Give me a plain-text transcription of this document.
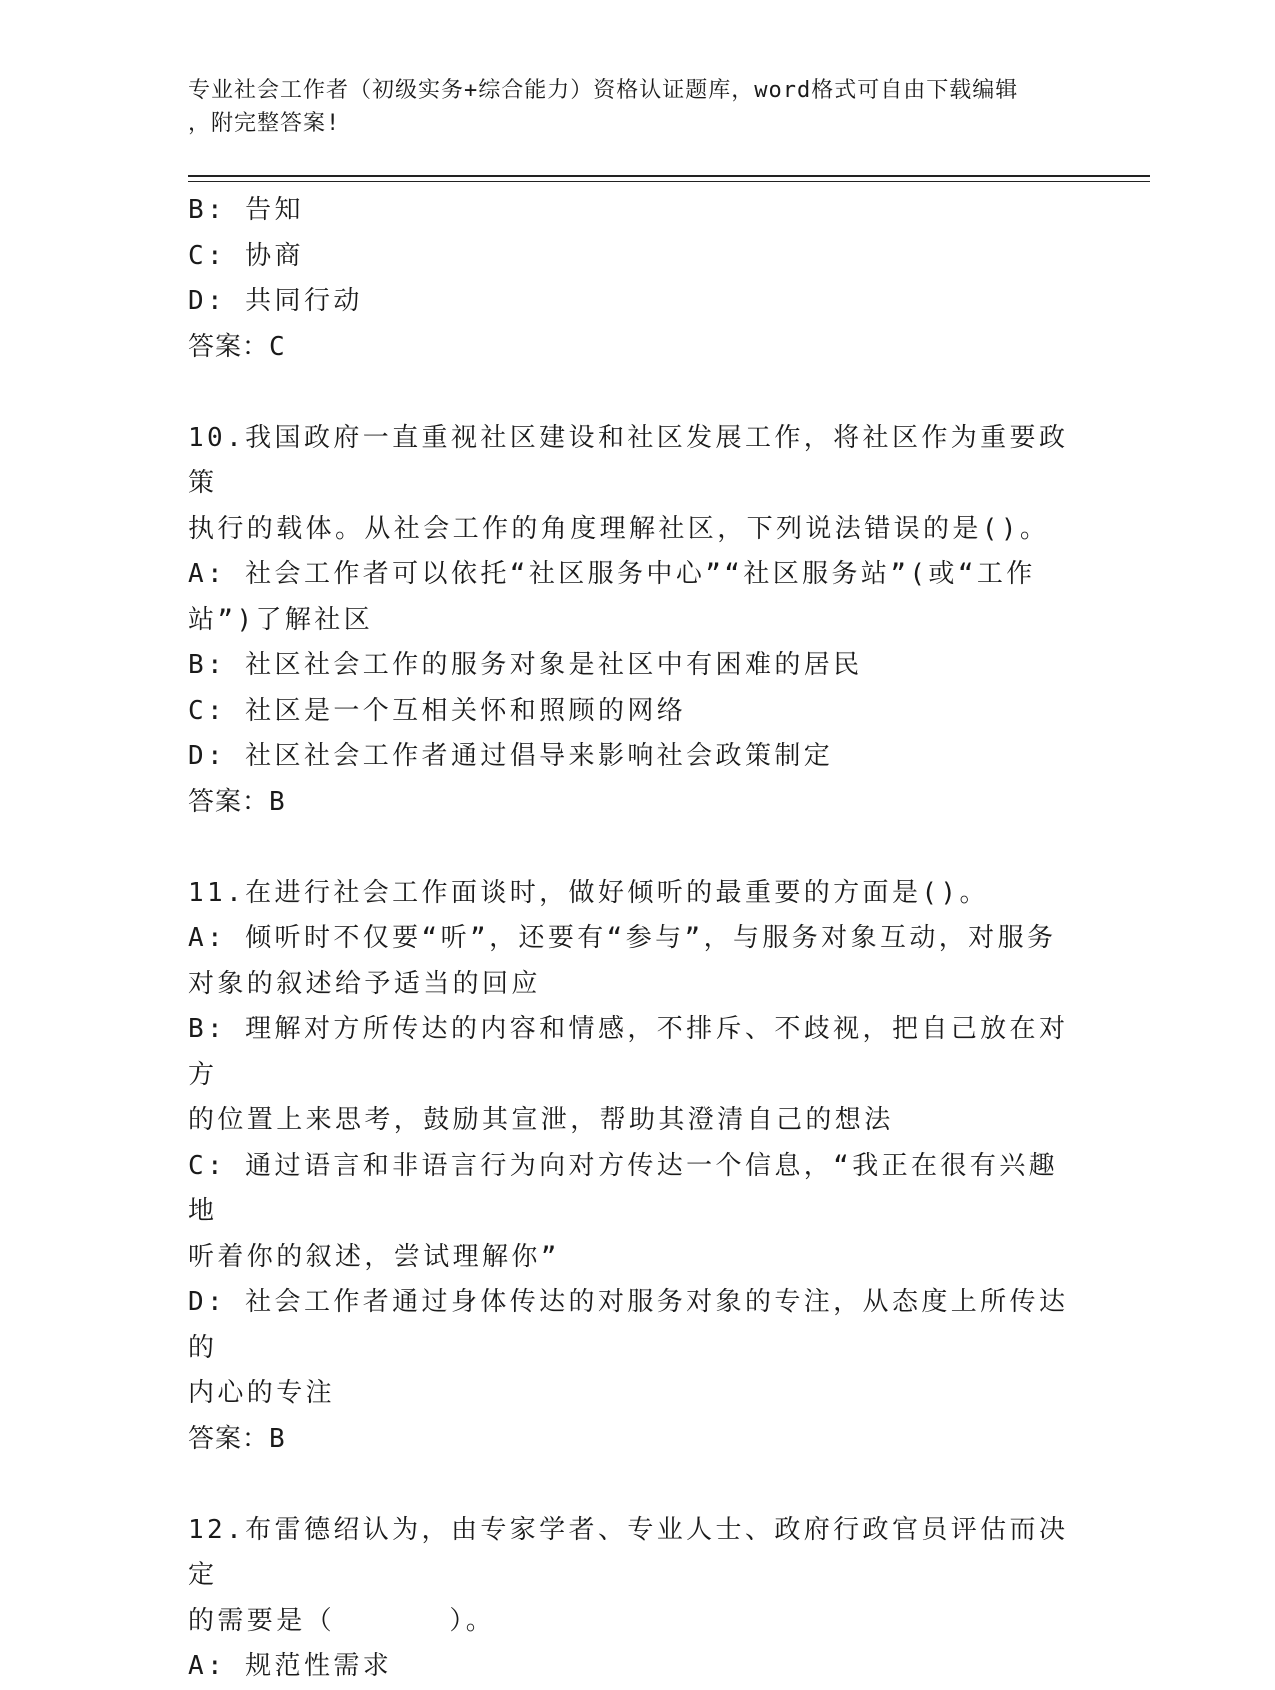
专业社会工作者（初级实务+综合能力）资格认证题库，word格式可自由下载编辑
，附完整答案!
B: 告知
C: 协商
D: 共同行动
答案：C
10.我国政府一直重视社区建设和社区发展工作，将社区作为重要政策
执行的载体。从社会工作的角度理解社区，下列说法错误的是()。
A: 社会工作者可以依托“社区服务中心”“社区服务站”(或“工作
站”)了解社区
B: 社区社会工作的服务对象是社区中有困难的居民
C: 社区是一个互相关怀和照顾的网络
D: 社区社会工作者通过倡导来影响社会政策制定
答案：B
11.在进行社会工作面谈时，做好倾听的最重要的方面是()。
A: 倾听时不仅要“听”，还要有“参与”，与服务对象互动，对服务
对象的叙述给予适当的回应
B: 理解对方所传达的内容和情感，不排斥、不歧视，把自己放在对方
的位置上来思考，鼓励其宣泄，帮助其澄清自己的想法
C: 通过语言和非语言行为向对方传达一个信息，“我正在很有兴趣地
听着你的叙述，尝试理解你”
D: 社会工作者通过身体传达的对服务对象的专注，从态度上所传达的
内心的专注
答案：B
12.布雷德绍认为，由专家学者、专业人士、政府行政官员评估而决定
的需要是（      ）。
A: 规范性需求
